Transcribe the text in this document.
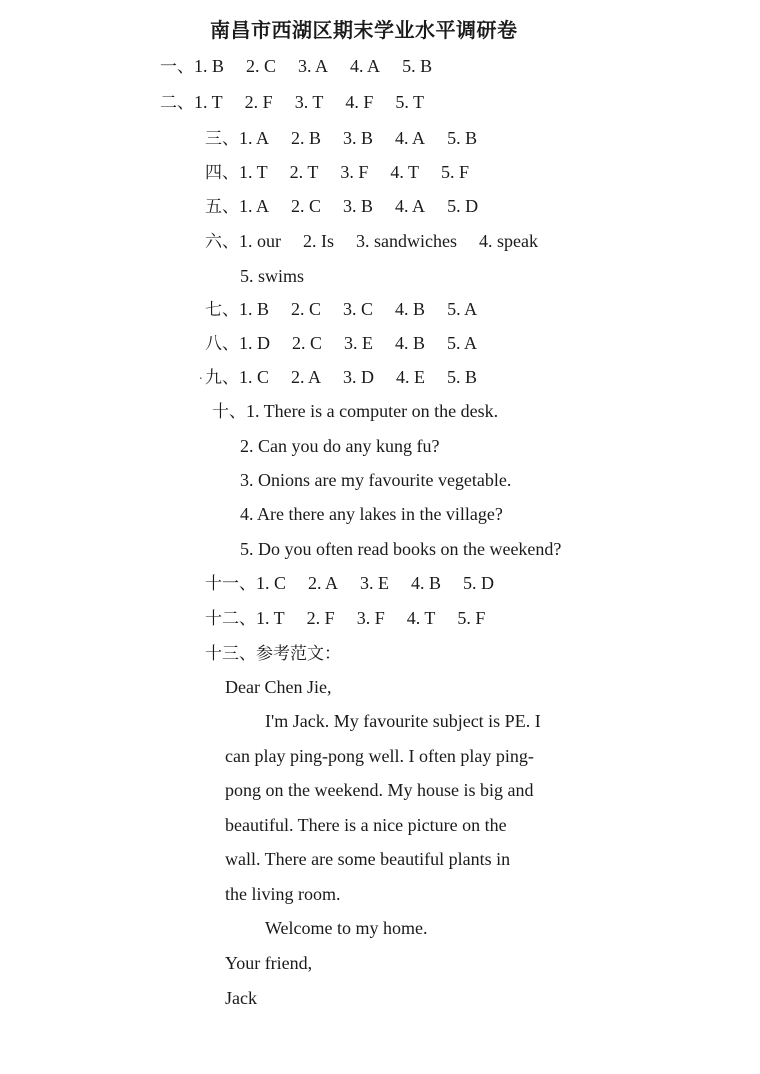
南昌市西湖区期末学业水平调研卷
一、1. B 2. C 3. A 4. A 5. B
二、1. T 2. F 3. T 4. F 5. T
三、1. A 2. B 3. B 4. A 5. B
四、1. T 2. T 3. F 4. T 5. F
五、1. A 2. C 3. B 4. A 5. D
六、1. our 2. Is 3. sandwiches 4. speak
5. swims
七、1. B 2. C 3. C 4. B 5. A
八、1. D 2. C 3. E 4. B 5. A
九、1. C 2. A 3. D 4. E 5. B
.
十、1. There is a computer on the desk.
2. Can you do any kung fu?
3. Onions are my favourite vegetable.
4. Are there any lakes in the village?
5. Do you often read books on the weekend?
十一、1. C 2. A 3. E 4. B 5. D
十二、1. T 2. F 3. F 4. T 5. F
十三、参考范文：
Dear Chen Jie,
I'm Jack. My favourite subject is PE. I
can play ping-pong well. I often play ping-
pong on the weekend. My house is big and
beautiful. There is a nice picture on the
wall. There are some beautiful plants in
the living room.
Welcome to my home.
Your friend,
Jack
